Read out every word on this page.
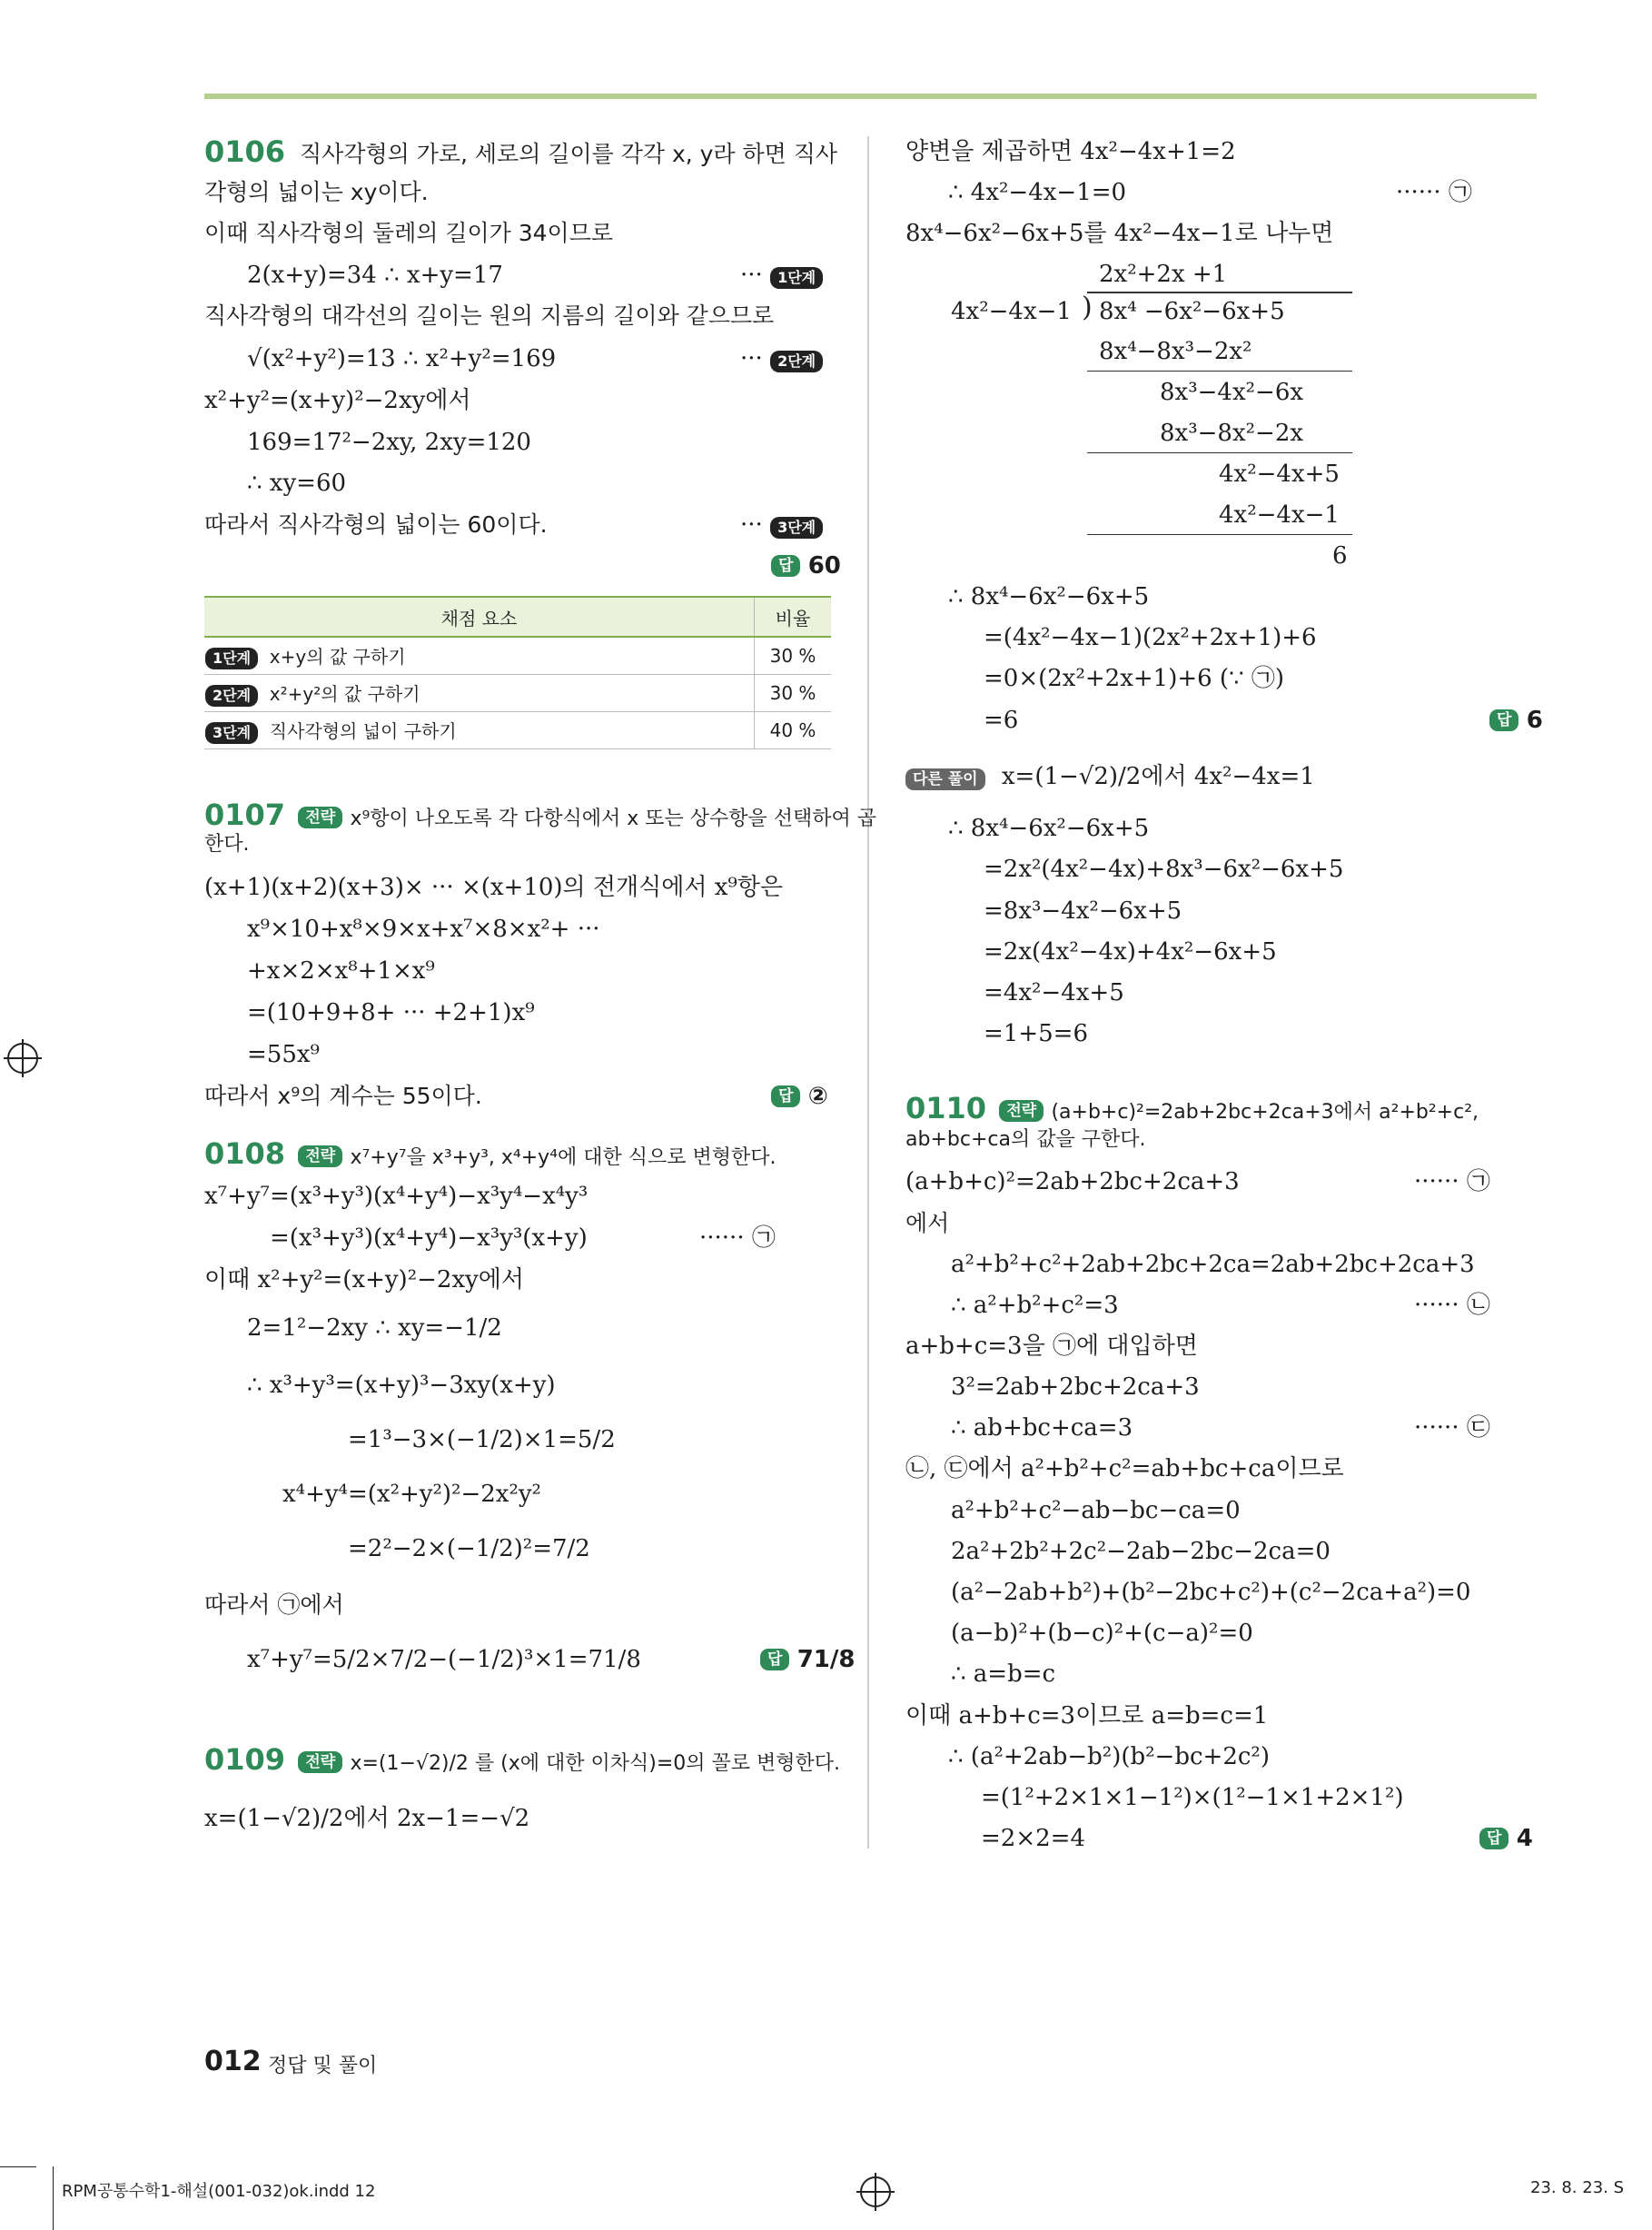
0106 직사각형의 가로, 세로의 길이를 각각 x, y라 하면 직사
각형의 넓이는 xy이다.
이때 직사각형의 둘레의 길이가 34이므로
2(x+y)=34 ∴ x+y=17	··· 1단계
직사각형의 대각선의 길이는 원의 지름의 길이와 같으므로
√(x²+y²)=13 ∴ x²+y²=169	··· 2단계
x²+y²=(x+y)²−2xy에서
169=17²−2xy, 2xy=120
∴ xy=60
따라서 직사각형의 넓이는 60이다.	··· 3단계
답 60
채점 요소	비율
1단계 x+y의 값 구하기	30 %
2단계 x²+y²의 값 구하기	30 %
3단계 직사각형의 넓이 구하기	40 %
0107 전략 x⁹항이 나오도록 각 다항식에서 x 또는 상수항을 선택하여 곱
한다.
(x+1)(x+2)(x+3)× ··· ×(x+10)의 전개식에서 x⁹항은
x⁹×10+x⁸×9×x+x⁷×8×x²+ ···
+x×2×x⁸+1×x⁹
=(10+9+8+ ··· +2+1)x⁹
=55x⁹
따라서 x⁹의 계수는 55이다.	답 ②
0108 전략 x⁷+y⁷을 x³+y³, x⁴+y⁴에 대한 식으로 변형한다.
x⁷+y⁷=(x³+y³)(x⁴+y⁴)−x³y⁴−x⁴y³
=(x³+y³)(x⁴+y⁴)−x³y³(x+y)	······ ㉠
이때 x²+y²=(x+y)²−2xy에서
2=1²−2xy ∴ xy=−1/2
∴ x³+y³=(x+y)³−3xy(x+y)
=1³−3×(−1/2)×1=5/2
x⁴+y⁴=(x²+y²)²−2x²y²
=2²−2×(−1/2)²=7/2
따라서 ㉠에서
x⁷+y⁷=5/2×7/2−(−1/2)³×1=71/8	답 71/8
0109 전략 x=(1−√2)/2 를 (x에 대한 이차식)=0의 꼴로 변형한다.
x=(1−√2)/2에서 2x−1=−√2
양변을 제곱하면 4x²−4x+1=2
∴ 4x²−4x−1=0	······ ㉠
8x⁴−6x²−6x+5를 4x²−4x−1로 나누면
2x²+2x +1
4x²−4x−1 ) 8x⁴ −6x²−6x+5
8x⁴−8x³−2x²
8x³−4x²−6x
8x³−8x²−2x
4x²−4x+5
4x²−4x−1
6
∴ 8x⁴−6x²−6x+5
=(4x²−4x−1)(2x²+2x+1)+6
=0×(2x²+2x+1)+6 (∵ ㉠)
=6	답 6
다른 풀이 x=(1−√2)/2에서 4x²−4x=1
∴ 8x⁴−6x²−6x+5
=2x²(4x²−4x)+8x³−6x²−6x+5
=8x³−4x²−6x+5
=2x(4x²−4x)+4x²−6x+5
=4x²−4x+5
=1+5=6
0110 전략 (a+b+c)²=2ab+2bc+2ca+3에서 a²+b²+c²,
ab+bc+ca의 값을 구한다.
(a+b+c)²=2ab+2bc+2ca+3	······ ㉠
에서
a²+b²+c²+2ab+2bc+2ca=2ab+2bc+2ca+3
∴ a²+b²+c²=3	······ ㉡
a+b+c=3을 ㉠에 대입하면
3²=2ab+2bc+2ca+3
∴ ab+bc+ca=3	······ ㉢
㉡, ㉢에서 a²+b²+c²=ab+bc+ca이므로
a²+b²+c²−ab−bc−ca=0
2a²+2b²+2c²−2ab−2bc−2ca=0
(a²−2ab+b²)+(b²−2bc+c²)+(c²−2ca+a²)=0
(a−b)²+(b−c)²+(c−a)²=0
∴ a=b=c
이때 a+b+c=3이므로 a=b=c=1
∴ (a²+2ab−b²)(b²−bc+2c²)
=(1²+2×1×1−1²)×(1²−1×1+2×1²)
=2×2=4	답 4
012 정답 및 풀이
RPM공통수학1-해설(001-032)ok.indd 12	23. 8. 23. S
